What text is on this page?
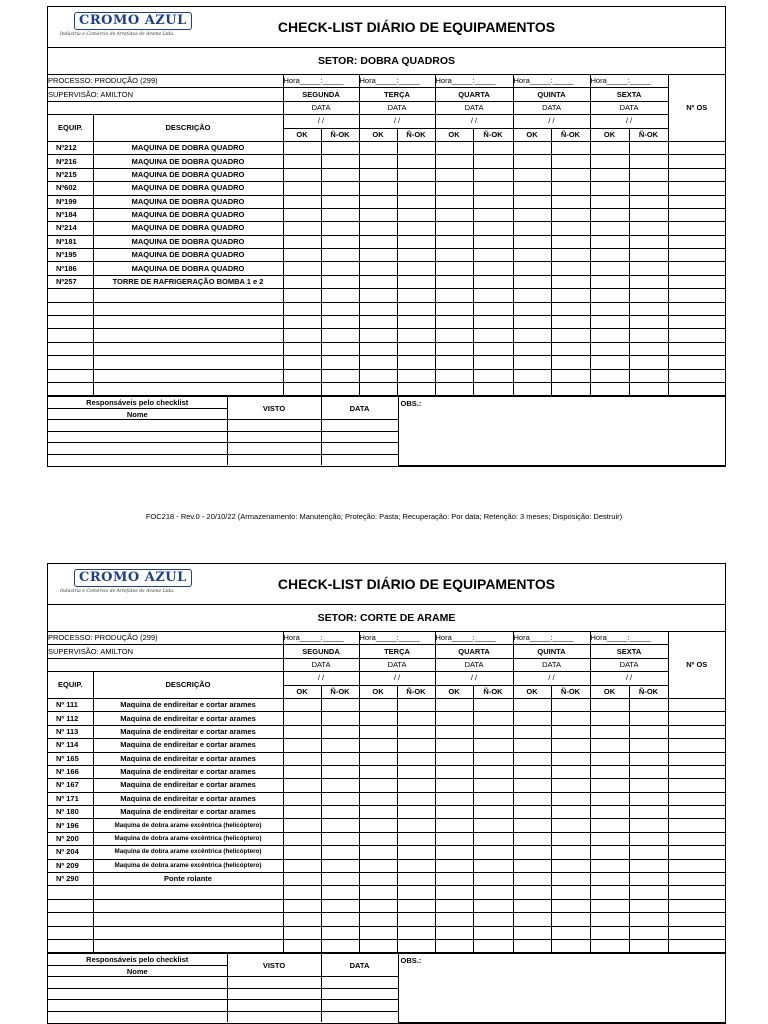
CROMO AZUL
Indústria e Comércio de Artefatos de Arame Ltda.	CHECK-LIST DIÁRIO DE EQUIPAMENTOS
SETOR: DOBRA QUADROS
PROCESSO: PRODUÇÃO (299)		Hora_____:_____		Hora_____:_____		Hora_____:_____		Hora_____:_____		Hora_____:_____		Nº OS
SUPERVISÃO: AMILTON		SEGUNDA		TERÇA		QUARTA		QUINTA		SEXTA		
		DATA		DATA		DATA		DATA		DATA		
EQUIP.	DESCRIÇÃO	/ /		/ /		/ /		/ /		/ /		
		OK	Ñ-OK	OK	Ñ-OK	OK	Ñ-OK	OK	Ñ-OK	OK	Ñ-OK	
Nº212	MAQUINA DE DOBRA QUADRO											
Nº216	MAQUINA DE DOBRA QUADRO											
Nº215	MAQUINA DE DOBRA QUADRO											
Nº602	MAQUINA DE DOBRA QUADRO											
Nº199	MAQUINA DE DOBRA QUADRO											
Nº184	MAQUINA DE DOBRA QUADRO											
Nº214	MAQUINA DE DOBRA QUADRO											
Nº181	MAQUINA DE DOBRA QUADRO											
Nº195	MAQUINA DE DOBRA QUADRO											
Nº186	MAQUINA DE DOBRA QUADRO											
Nº257	TORRE DE RAFRIGERAÇÃO BOMBA 1 e 2											

Responsáveis pelo checklist	VISTO	DATA	OBS.:
Nome			

CROMO AZUL
Indústria e Comércio de Artefatos de Arame Ltda.	CHECK-LIST DIÁRIO DE EQUIPAMENTOS
SETOR: CORTE DE ARAME
PROCESSO: PRODUÇÃO (299)		Hora_____:_____		Hora_____:_____		Hora_____:_____		Hora_____:_____		Hora_____:_____		Nº OS
SUPERVISÃO: AMILTON		SEGUNDA		TERÇA		QUARTA		QUINTA		SEXTA		
		DATA		DATA		DATA		DATA		DATA		
EQUIP.	DESCRIÇÃO	/ /		/ /		/ /		/ /		/ /		
		OK	Ñ-OK	OK	Ñ-OK	OK	Ñ-OK	OK	Ñ-OK	OK	Ñ-OK	
Nº 111	Maquina de endireitar e cortar arames											
Nº 112	Maquina de endireitar e cortar arames											
Nº 113	Maquina de endireitar e cortar arames											
Nº 114	Maquina de endireitar e cortar arames											
Nº 165	Maquina de endireitar e cortar arames											
Nº 166	Maquina de endireitar e cortar arames											
Nº 167	Maquina de endireitar e cortar arames											
Nº 171	Maquina de endireitar e cortar arames											
Nº 180	Maquina de endireitar e cortar arames											
Nº 196	Maquina de dobra arame excêntrica (helicóptero)											
Nº 200	Maquina de dobra arame excêntrica (helicóptero)											
Nº 204	Maquina de dobra arame excêntrica (helicóptero)											
Nº 209	Maquina de dobra arame excêntrica (helicóptero)											
Nº 290	Ponte rolante											

Responsáveis pelo checklist	VISTO	DATA	OBS.:
Nome			

FOC218 - Rev.0 - 20/10/22 (Armazenamento: Manutenção; Proteção: Pasta; Recuperação: Por data; Retenção: 3 meses; Disposição: Destruir)
